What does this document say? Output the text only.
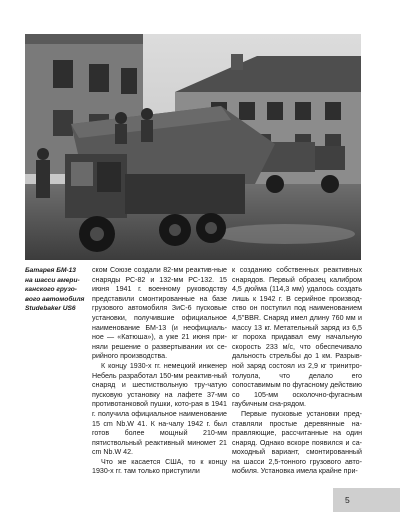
Батарея БМ-13
на шасси амери-
канского грузо-
вого автомобиля
Studebaker US6

ском Союзе создали 82-мм реактив-ные снаряды РС-82 и 132-мм РС-132. 15 июня 1941 г. военному руководству представили смонтированные на базе грузового автомобиля ЗиС-6 пусковые установки, получившие официальное наименование БМ-13 (и неофициаль-ное — «Катюша»), а уже 21 июня при-няли решение о развертывании их се-рийного производства.

К концу 1930-х гг. немецкий инженер Небель разработал 150-мм реактив-ный снаряд и шестиствольную тру-чатую пусковую установку на лафете 37-мм противотанковой пушки, кото-рая в 1941 г. получила официальное наименование 15 cm Nb.W 41. К на-чалу 1942 г. был готов более мощный 210-мм пятиствольный реактивный миномет 21 cm Nb.W 42.

Что же касается США, то к концу 1930-х гг. там только приступили

к созданию собственных реактивных снарядов. Первый образец калибром 4,5 дюйма (114,3 мм) удалось создать лишь к 1942 г. В серийное производ-ство он поступил под наименованием 4,5"BBR. Снаряд имел длину 760 мм и массу 13 кг. Метательный заряд из 6,5 кг пороха придавал ему начальную скорость 233 м/с, что обеспечивало дальность стрельбы до 1 км. Разрыв-ной заряд состоял из 2,9 кг тринитро-толуола, что делало его сопоставимым по фугасному действию со 105-мм осколочно-фугасным гаубичным сна-рядом.

Первые пусковые установки пред-ставляли простые деревянные на-правляющие, рассчитанные на один снаряд. Однако вскоре появился и са-моходный вариант, смонтированный на шасси 2,5-тонного грузового авто-мобиля. Установка имела крайне при-

5
